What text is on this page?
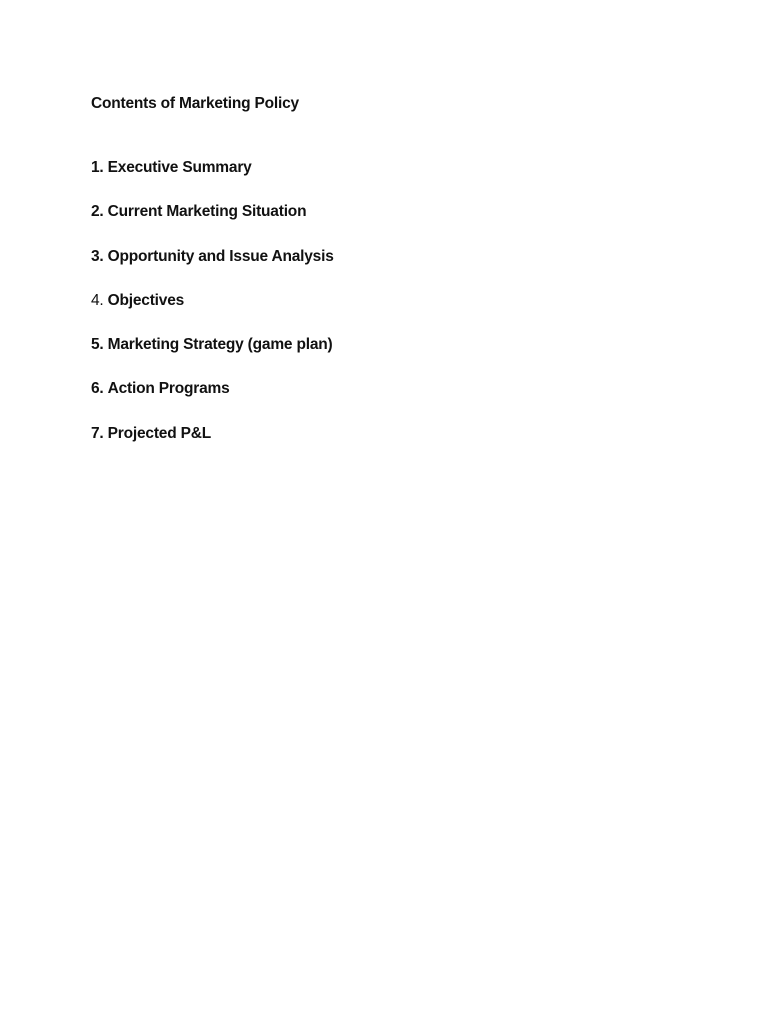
Contents of Marketing Policy
1. Executive Summary
2. Current Marketing Situation
3. Opportunity and Issue Analysis
4. Objectives
5. Marketing Strategy (game plan)
6. Action Programs
7. Projected P&L
